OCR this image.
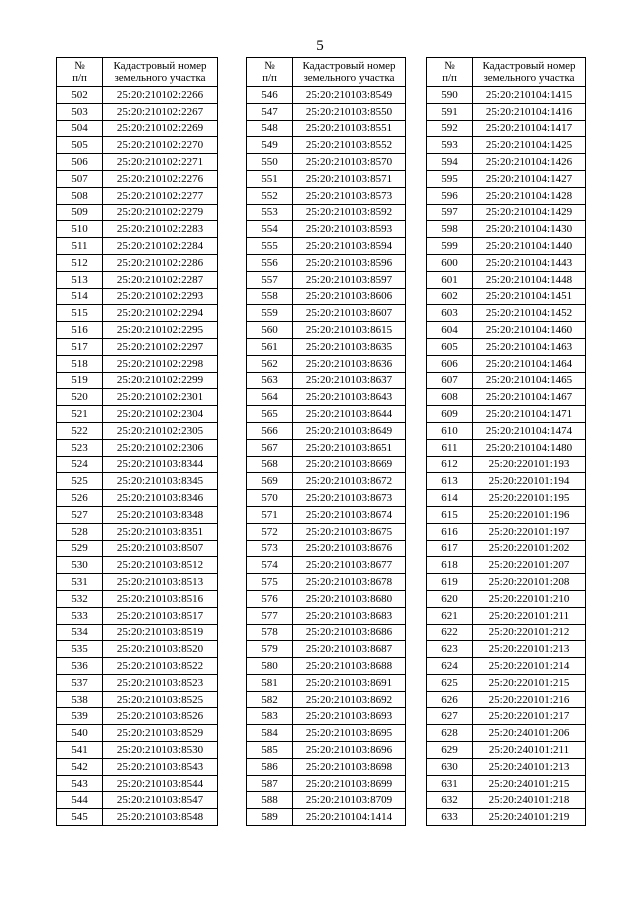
5
№
п/п	Кадастровый номер
земельного участка
502	25:20:210102:2266
503	25:20:210102:2267
504	25:20:210102:2269
505	25:20:210102:2270
506	25:20:210102:2271
507	25:20:210102:2276
508	25:20:210102:2277
509	25:20:210102:2279
510	25:20:210102:2283
511	25:20:210102:2284
512	25:20:210102:2286
513	25:20:210102:2287
514	25:20:210102:2293
515	25:20:210102:2294
516	25:20:210102:2295
517	25:20:210102:2297
518	25:20:210102:2298
519	25:20:210102:2299
520	25:20:210102:2301
521	25:20:210102:2304
522	25:20:210102:2305
523	25:20:210102:2306
524	25:20:210103:8344
525	25:20:210103:8345
526	25:20:210103:8346
527	25:20:210103:8348
528	25:20:210103:8351
529	25:20:210103:8507
530	25:20:210103:8512
531	25:20:210103:8513
532	25:20:210103:8516
533	25:20:210103:8517
534	25:20:210103:8519
535	25:20:210103:8520
536	25:20:210103:8522
537	25:20:210103:8523
538	25:20:210103:8525
539	25:20:210103:8526
540	25:20:210103:8529
541	25:20:210103:8530
542	25:20:210103:8543
543	25:20:210103:8544
544	25:20:210103:8547
545	25:20:210103:8548
№
п/п	Кадастровый номер
земельного участка
546	25:20:210103:8549
547	25:20:210103:8550
548	25:20:210103:8551
549	25:20:210103:8552
550	25:20:210103:8570
551	25:20:210103:8571
552	25:20:210103:8573
553	25:20:210103:8592
554	25:20:210103:8593
555	25:20:210103:8594
556	25:20:210103:8596
557	25:20:210103:8597
558	25:20:210103:8606
559	25:20:210103:8607
560	25:20:210103:8615
561	25:20:210103:8635
562	25:20:210103:8636
563	25:20:210103:8637
564	25:20:210103:8643
565	25:20:210103:8644
566	25:20:210103:8649
567	25:20:210103:8651
568	25:20:210103:8669
569	25:20:210103:8672
570	25:20:210103:8673
571	25:20:210103:8674
572	25:20:210103:8675
573	25:20:210103:8676
574	25:20:210103:8677
575	25:20:210103:8678
576	25:20:210103:8680
577	25:20:210103:8683
578	25:20:210103:8686
579	25:20:210103:8687
580	25:20:210103:8688
581	25:20:210103:8691
582	25:20:210103:8692
583	25:20:210103:8693
584	25:20:210103:8695
585	25:20:210103:8696
586	25:20:210103:8698
587	25:20:210103:8699
588	25:20:210103:8709
589	25:20:210104:1414
№
п/п	Кадастровый номер
земельного участка
590	25:20:210104:1415
591	25:20:210104:1416
592	25:20:210104:1417
593	25:20:210104:1425
594	25:20:210104:1426
595	25:20:210104:1427
596	25:20:210104:1428
597	25:20:210104:1429
598	25:20:210104:1430
599	25:20:210104:1440
600	25:20:210104:1443
601	25:20:210104:1448
602	25:20:210104:1451
603	25:20:210104:1452
604	25:20:210104:1460
605	25:20:210104:1463
606	25:20:210104:1464
607	25:20:210104:1465
608	25:20:210104:1467
609	25:20:210104:1471
610	25:20:210104:1474
611	25:20:210104:1480
612	25:20:220101:193
613	25:20:220101:194
614	25:20:220101:195
615	25:20:220101:196
616	25:20:220101:197
617	25:20:220101:202
618	25:20:220101:207
619	25:20:220101:208
620	25:20:220101:210
621	25:20:220101:211
622	25:20:220101:212
623	25:20:220101:213
624	25:20:220101:214
625	25:20:220101:215
626	25:20:220101:216
627	25:20:220101:217
628	25:20:240101:206
629	25:20:240101:211
630	25:20:240101:213
631	25:20:240101:215
632	25:20:240101:218
633	25:20:240101:219
